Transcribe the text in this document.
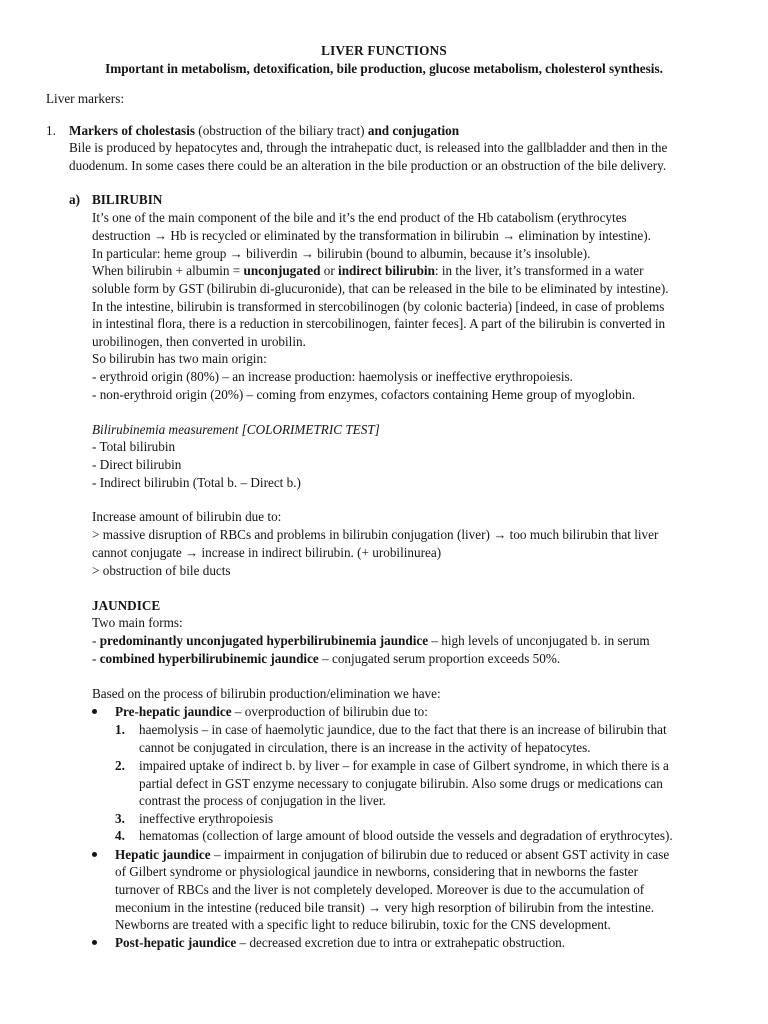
LIVER FUNCTIONS
Important in metabolism, detoxification, bile production, glucose metabolism, cholesterol synthesis.

Liver markers:

1. Markers of cholestasis (obstruction of the biliary tract) and conjugation

Bile is produced by hepatocytes and, through the intrahepatic duct, is released into the gallbladder and then in the

duodenum. In some cases there could be an alteration in the bile production or an obstruction of the bile delivery.

a) BILIRUBIN

It’s one of the main component of the bile and it’s the end product of the Hb catabolism (erythrocytes

destruction → Hb is recycled or eliminated by the transformation in bilirubin → elimination by intestine).

In particular: heme group → biliverdin → bilirubin (bound to albumin, because it’s insoluble).

When bilirubin + albumin = unconjugated or indirect bilirubin: in the liver, it’s transformed in a water

soluble form by GST (bilirubin di-glucuronide), that can be released in the bile to be eliminated by intestine).

In the intestine, bilirubin is transformed in stercobilinogen (by colonic bacteria) [indeed, in case of problems

in intestinal flora, there is a reduction in stercobilinogen, fainter feces]. A part of the bilirubin is converted in

urobilinogen, then converted in urobilin.

So bilirubin has two main origin:

- erythroid origin (80%) – an increase production: haemolysis or ineffective erythropoiesis.

- non-erythroid origin (20%) – coming from enzymes, cofactors containing Heme group of myoglobin.

Bilirubinemia measurement [COLORIMETRIC TEST]

- Total bilirubin

- Direct bilirubin

- Indirect bilirubin (Total b. – Direct b.)

Increase amount of bilirubin due to:

> massive disruption of RBCs and problems in bilirubin conjugation (liver) → too much bilirubin that liver

cannot conjugate → increase in indirect bilirubin. (+ urobilinurea)

> obstruction of bile ducts

JAUNDICE

Two main forms:

- predominantly unconjugated hyperbilirubinemia jaundice – high levels of unconjugated b. in serum

- combined hyperbilirubinemic jaundice – conjugated serum proportion exceeds 50%.

Based on the process of bilirubin production/elimination we have:

Pre-hepatic jaundice – overproduction of bilirubin due to:

1. haemolysis – in case of haemolytic jaundice, due to the fact that there is an increase of bilirubin that

cannot be conjugated in circulation, there is an increase in the activity of hepatocytes.

2. impaired uptake of indirect b. by liver – for example in case of Gilbert syndrome, in which there is a

partial defect in GST enzyme necessary to conjugate bilirubin. Also some drugs or medications can

contrast the process of conjugation in the liver.

3. ineffective erythropoiesis

4. hematomas (collection of large amount of blood outside the vessels and degradation of erythrocytes).

Hepatic jaundice – impairment in conjugation of bilirubin due to reduced or absent GST activity in case

of Gilbert syndrome or physiological jaundice in newborns, considering that in newborns the faster

turnover of RBCs and the liver is not completely developed. Moreover is due to the accumulation of

meconium in the intestine (reduced bile transit) → very high resorption of bilirubin from the intestine.

Newborns are treated with a specific light to reduce bilirubin, toxic for the CNS development.

Post-hepatic jaundice – decreased excretion due to intra or extrahepatic obstruction.
